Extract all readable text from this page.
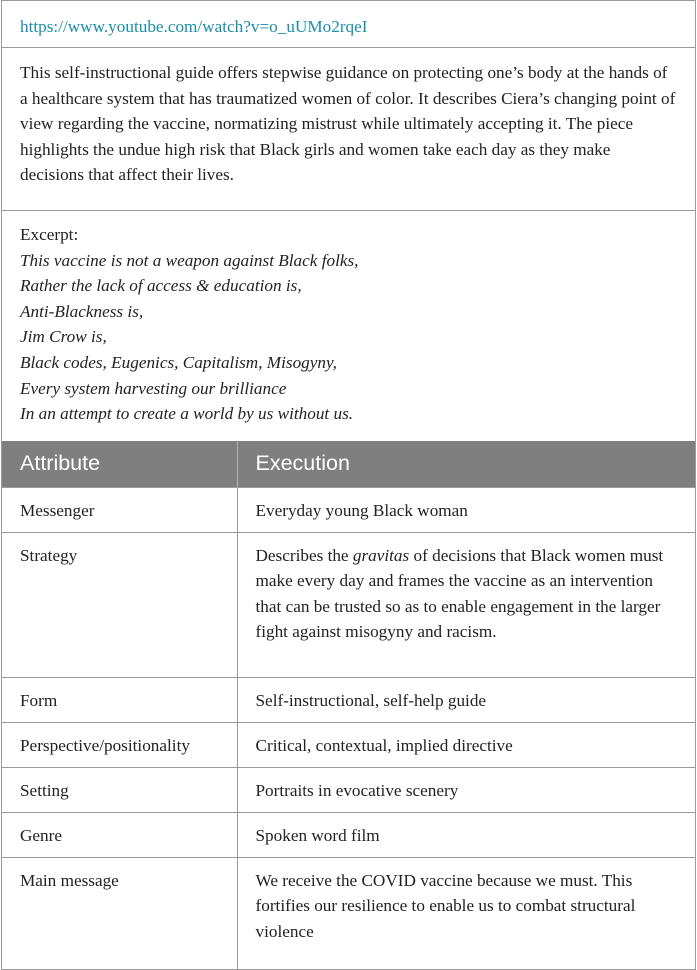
https://www.youtube.com/watch?v=o_uUMo2rqeI
This self-instructional guide offers stepwise guidance on protecting one’s body at the hands of a healthcare system that has traumatized women of color. It describes Ciera’s changing point of view regarding the vaccine, normatizing mistrust while ultimately accepting it. The piece highlights the undue high risk that Black girls and women take each day as they make decisions that affect their lives.
Excerpt:
This vaccine is not a weapon against Black folks,
Rather the lack of access & education is,
Anti-Blackness is,
Jim Crow is,
Black codes, Eugenics, Capitalism, Misogyny,
Every system harvesting our brilliance
In an attempt to create a world by us without us.
Attribute	Execution
Messenger	Everyday young Black woman
Strategy	Describes the gravitas of decisions that Black women must make every day and frames the vaccine as an intervention that can be trusted so as to enable engagement in the larger fight against misogyny and racism.
Form	Self-instructional, self-help guide
Perspective/positionality	Critical, contextual, implied directive
Setting	Portraits in evocative scenery
Genre	Spoken word film
Main message	We receive the COVID vaccine because we must. This fortifies our resilience to enable us to combat structural violence
